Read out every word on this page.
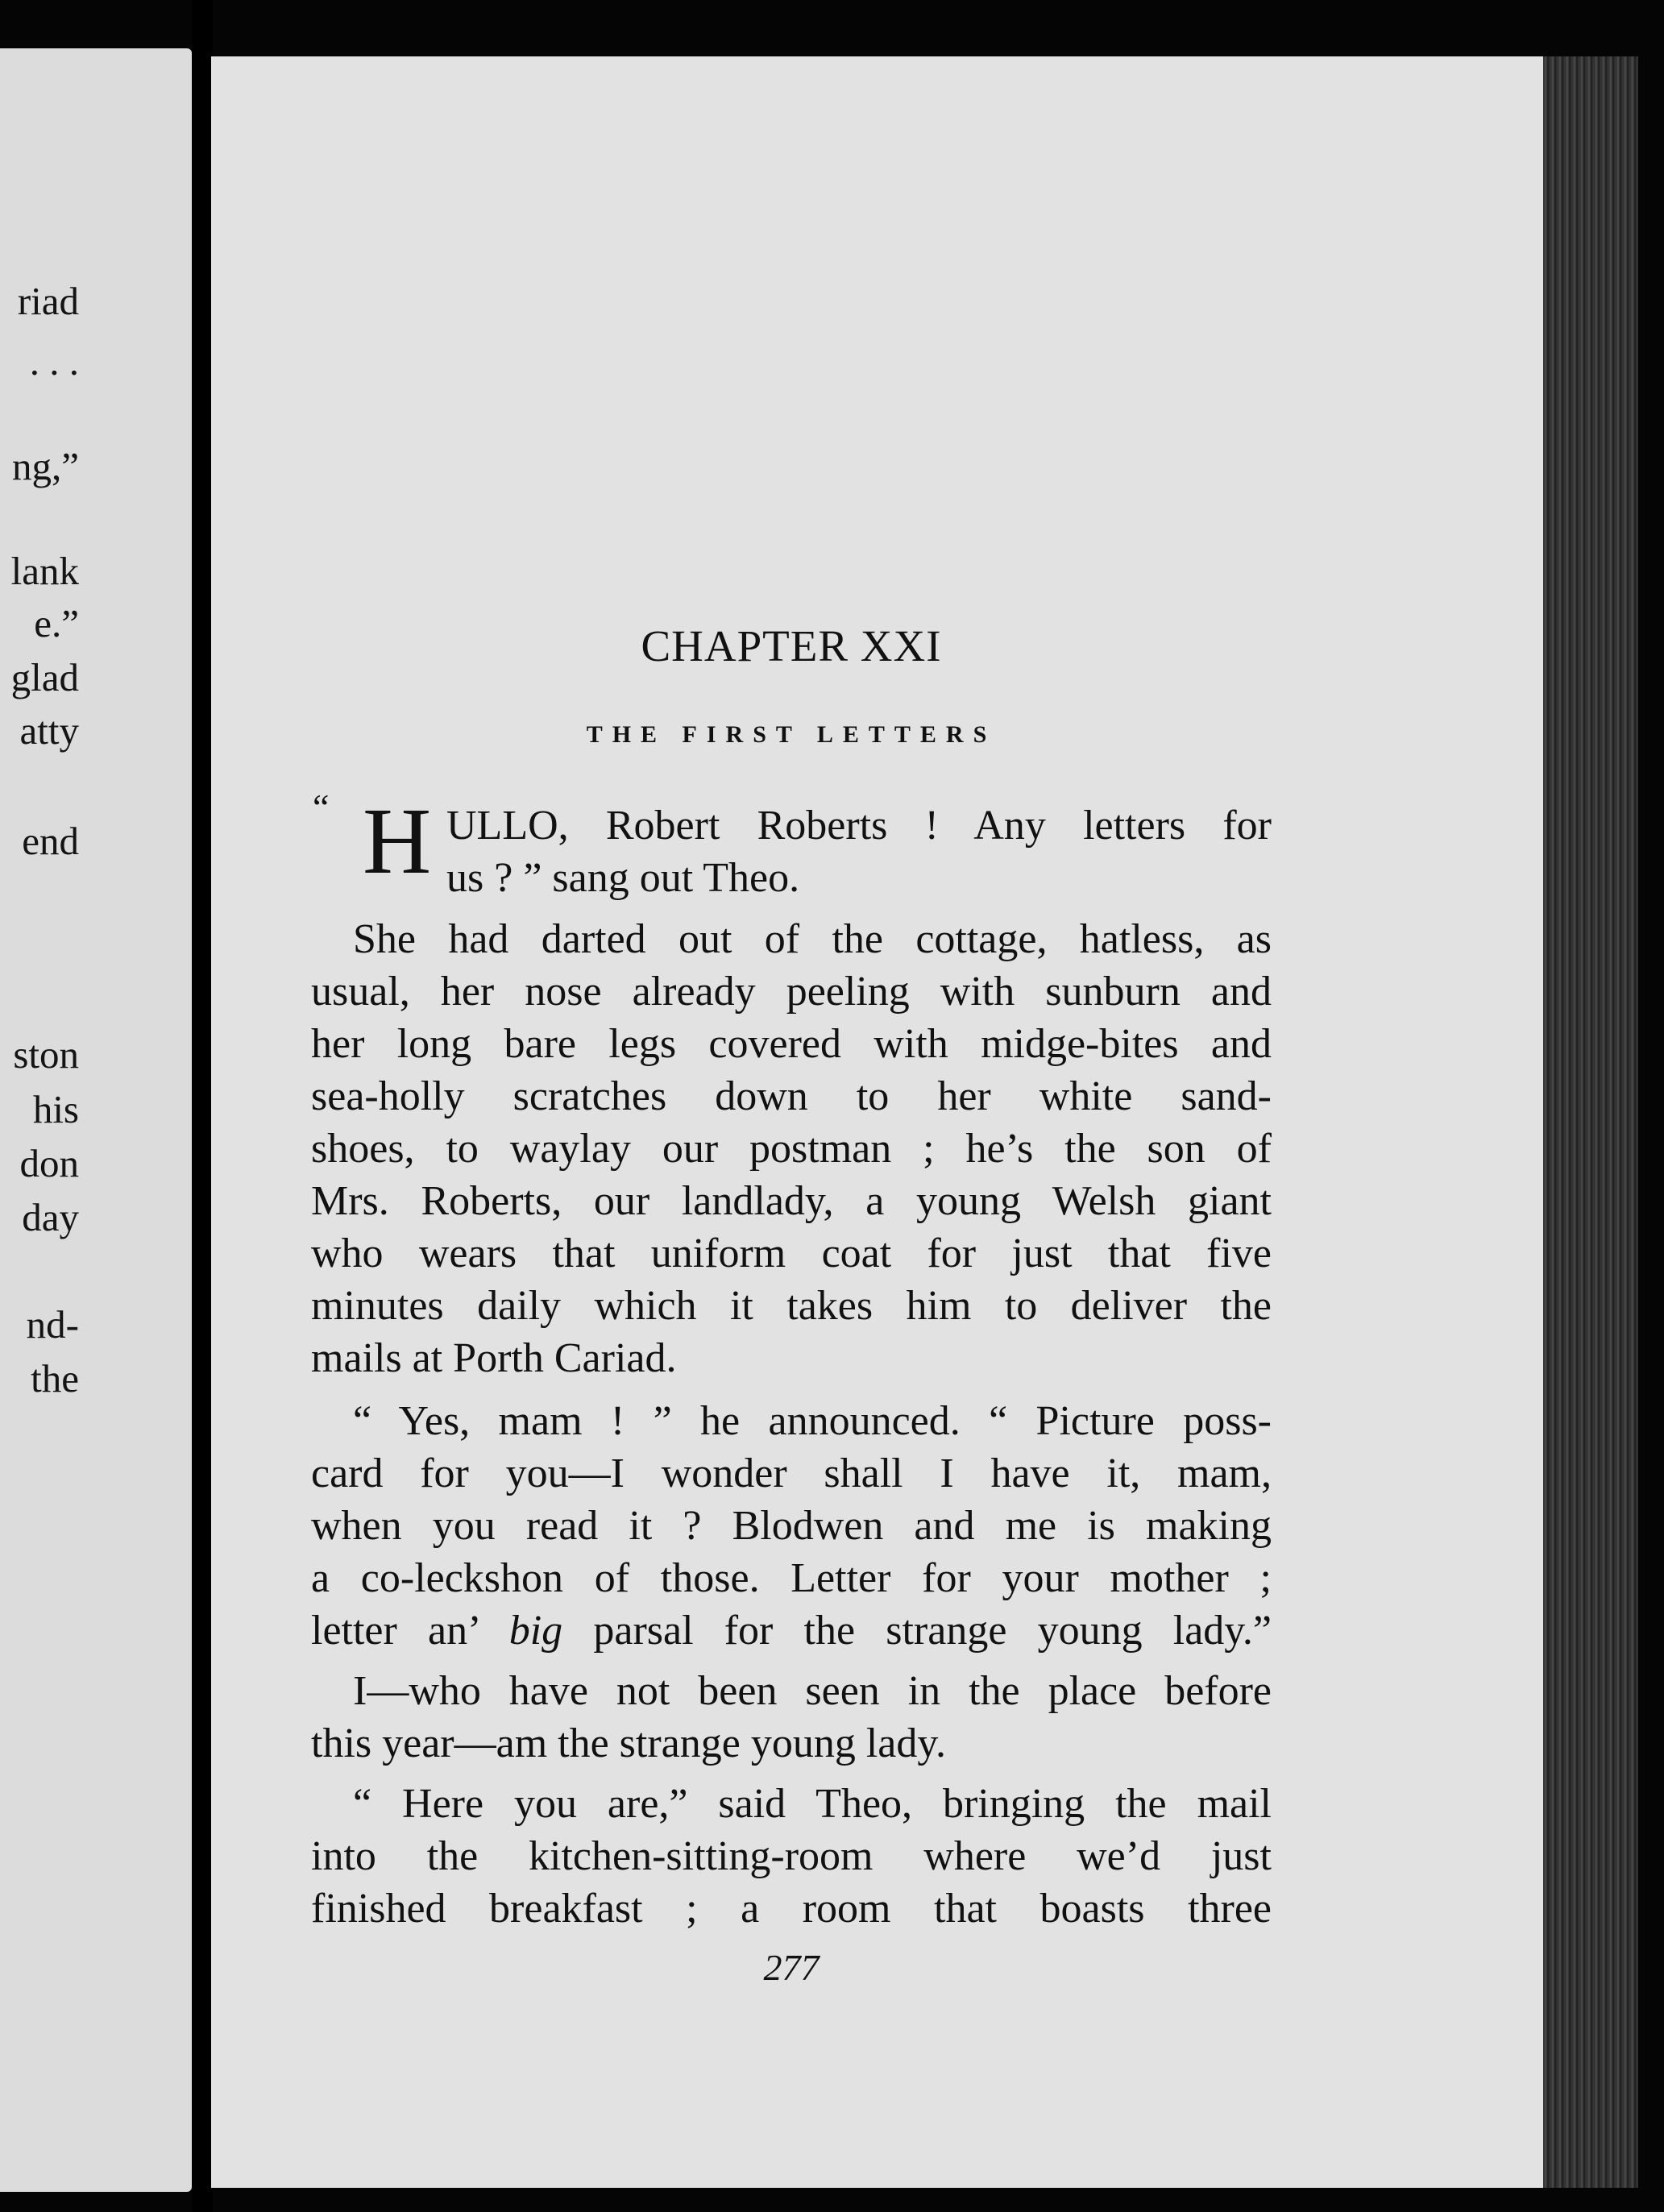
riad
. . .
ng,”
lank
e.”
glad
atty
end
ston
his
don
day
nd-
the
CHAPTER XXI
THE FIRST LETTERS
“ H ULLO, Robert Roberts ! Any letters for
us ? ” sang out Theo.
She had darted out of the cottage, hatless, as
usual, her nose already peeling with sunburn and
her long bare legs covered with midge-bites and
sea-holly scratches down to her white sand-
shoes, to waylay our postman ; he’s the son of
Mrs. Roberts, our landlady, a young Welsh giant
who wears that uniform coat for just that five
minutes daily which it takes him to deliver the
mails at Porth Cariad.
“ Yes, mam ! ” he announced. “ Picture poss-
card for you—I wonder shall I have it, mam,
when you read it ? Blodwen and me is making
a co-leckshon of those. Letter for your mother ;
letter an’ big parsal for the strange young lady.”
I—who have not been seen in the place before
this year—am the strange young lady.
“ Here you are,” said Theo, bringing the mail
into the kitchen-sitting-room where we’d just
finished breakfast ; a room that boasts three
277
